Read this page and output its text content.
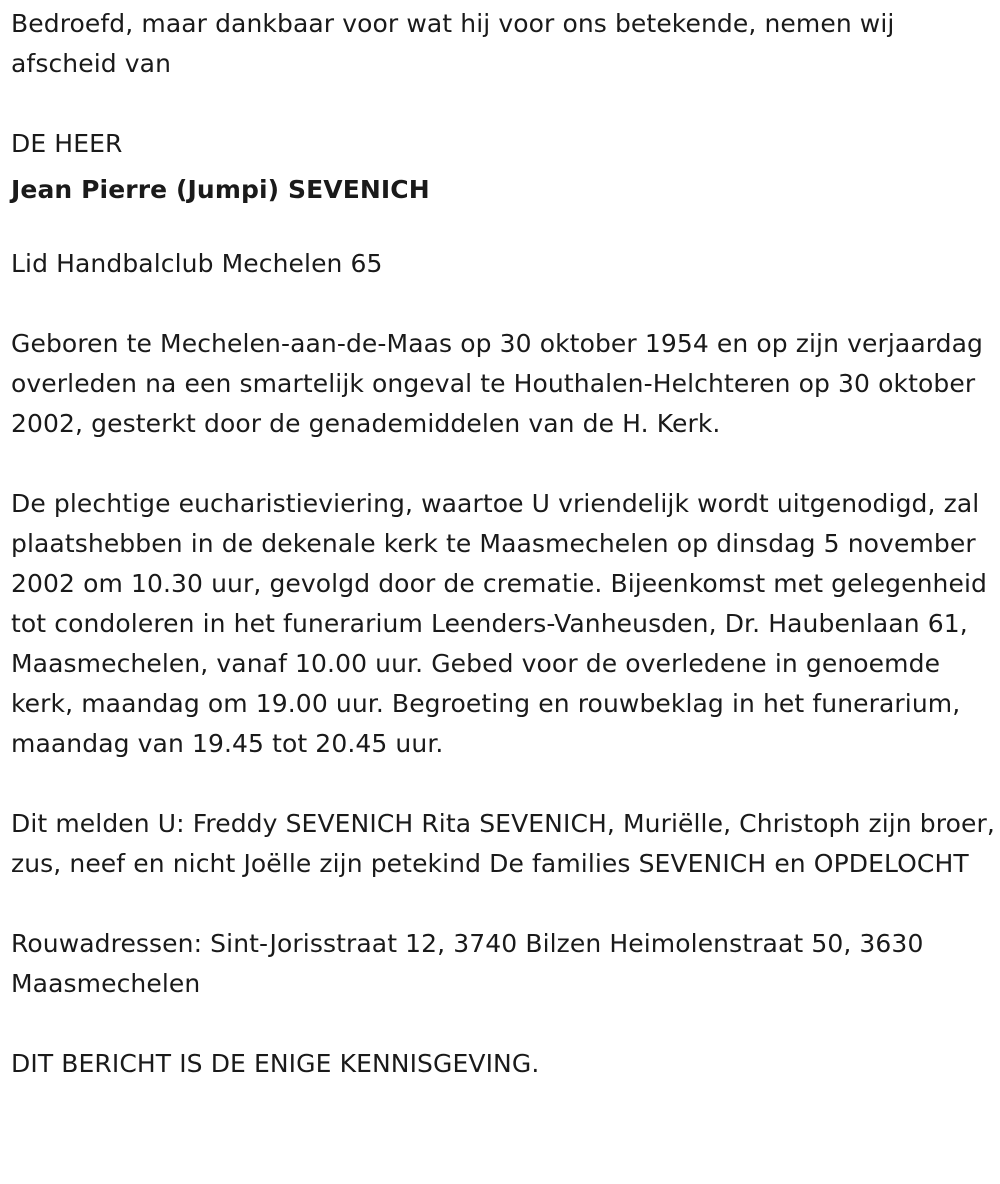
Bedroefd, maar dankbaar voor wat hij voor ons betekende, nemen wij afscheid van

DE HEER

Jean Pierre (Jumpi) SEVENICH

Lid Handbalclub Mechelen 65

Geboren te Mechelen-aan-de-Maas op 30 oktober 1954 en op zijn verjaardag overleden na een smartelijk ongeval te Houthalen-Helchteren op 30 oktober 2002, gesterkt door de genademiddelen van de H. Kerk.

De plechtige eucharistieviering, waartoe U vriendelijk wordt uitgenodigd, zal plaatshebben in de dekenale kerk te Maasmechelen op dinsdag 5 november 2002 om 10.30 uur, gevolgd door de crematie. Bijeenkomst met gelegenheid tot condoleren in het funerarium Leenders-Vanheusden, Dr. Haubenlaan 61, Maasmechelen, vanaf 10.00 uur. Gebed voor de overledene in genoemde kerk, maandag om 19.00 uur. Begroeting en rouwbeklag in het funerarium, maandag van 19.45 tot 20.45 uur.

Dit melden U: Freddy SEVENICH Rita SEVENICH, Muriëlle, Christoph zijn broer, zus, neef en nicht Joëlle zijn petekind De families SEVENICH en OPDELOCHT

Rouwadressen: Sint-Jorisstraat 12, 3740 Bilzen Heimolenstraat 50, 3630 Maasmechelen

DIT BERICHT IS DE ENIGE KENNISGEVING.
